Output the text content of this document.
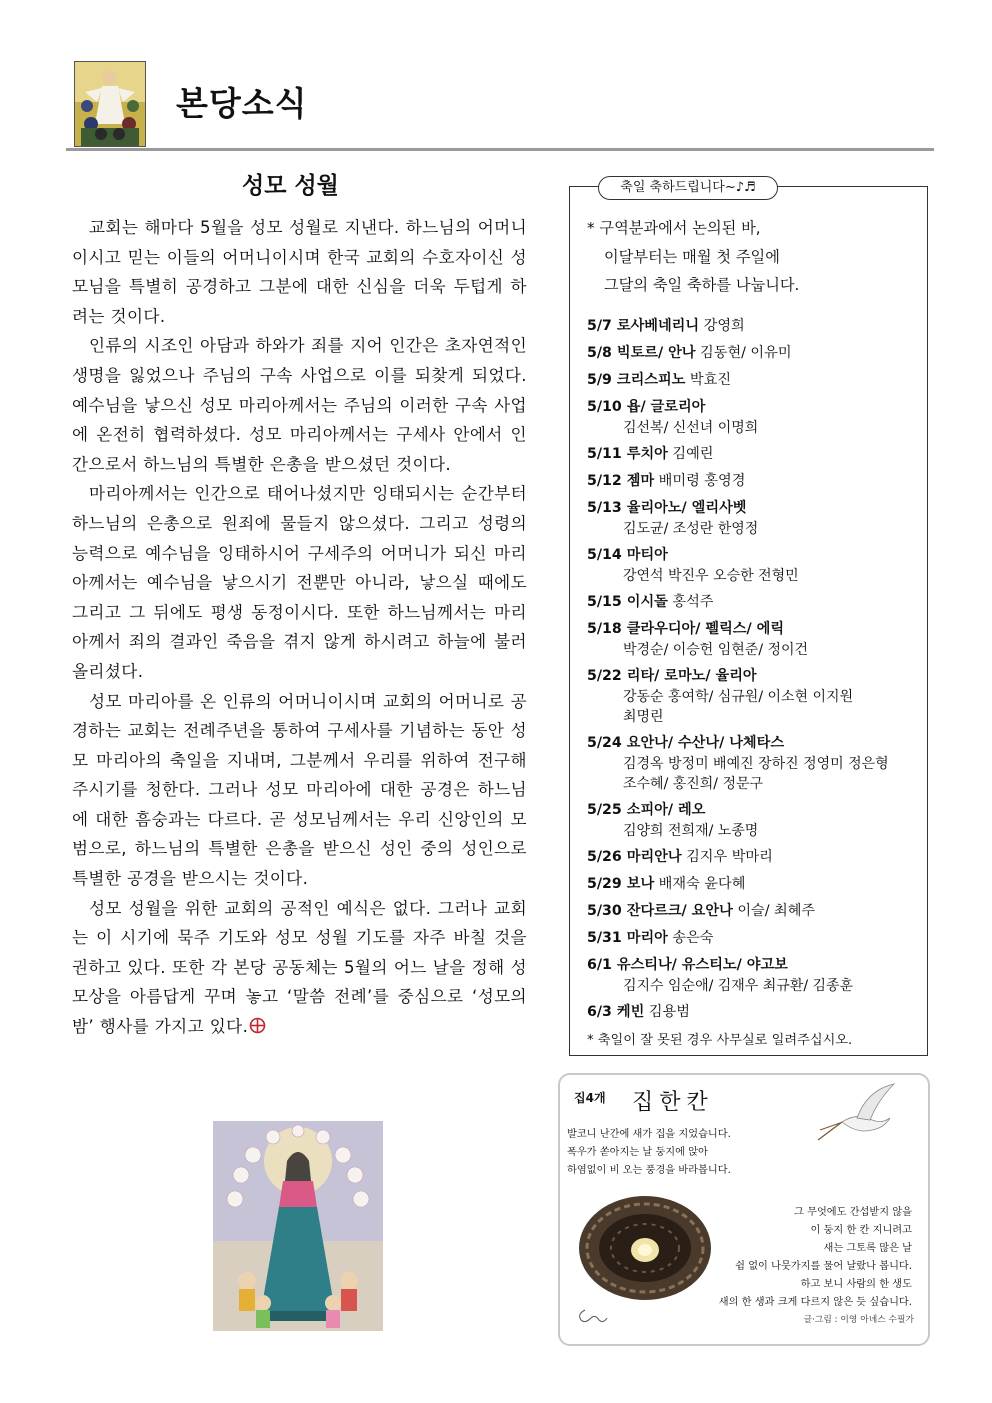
본당소식
성모 성월

교회는 해마다 5월을 성모 성월로 지낸다. 하느님의 어머니이시고 믿는 이들의 어머니이시며 한국 교회의 수호자이신 성모님을 특별히 공경하고 그분에 대한 신심을 더욱 두텁게 하려는 것이다.

인류의 시조인 아담과 하와가 죄를 지어 인간은 초자연적인 생명을 잃었으나 주님의 구속 사업으로 이를 되찾게 되었다. 예수님을 낳으신 성모 마리아께서는 주님의 이러한 구속 사업에 온전히 협력하셨다. 성모 마리아께서는 구세사 안에서 인간으로서 하느님의 특별한 은총을 받으셨던 것이다.

마리아께서는 인간으로 태어나셨지만 잉태되시는 순간부터 하느님의 은총으로 원죄에 물들지 않으셨다. 그리고 성령의 능력으로 예수님을 잉태하시어 구세주의 어머니가 되신 마리아께서는 예수님을 낳으시기 전뿐만 아니라, 낳으실 때에도 그리고 그 뒤에도 평생 동정이시다. 또한 하느님께서는 마리아께서 죄의 결과인 죽음을 겪지 않게 하시려고 하늘에 불러올리셨다.

성모 마리아를 온 인류의 어머니이시며 교회의 어머니로 공경하는 교회는 전례주년을 통하여 구세사를 기념하는 동안 성모 마리아의 축일을 지내며, 그분께서 우리를 위하여 전구해 주시기를 청한다. 그러나 성모 마리아에 대한 공경은 하느님에 대한 흠숭과는 다르다. 곧 성모님께서는 우리 신앙인의 모범으로, 하느님의 특별한 은총을 받으신 성인 중의 성인으로 특별한 공경을 받으시는 것이다.

성모 성월을 위한 교회의 공적인 예식은 없다. 그러나 교회는 이 시기에 묵주 기도와 성모 성월 기도를 자주 바칠 것을 권하고 있다. 또한 각 본당 공동체는 5월의 어느 날을 정해 성모상을 아름답게 꾸며 놓고 ‘말씀 전례’를 중심으로 ‘성모의 밤’ 행사를 가지고 있다.

축일 축하드립니다~♪♬
* 구역분과에서 논의된 바,
이달부터는 매월 첫 주일에
그달의 축일 축하를 나눕니다.
5/7 로사베네리니 강영희
5/8 빅토르/ 안나 김동현/ 이유미
5/9 크리스피노 박효진
5/10 욥/ 글로리아
김선복/ 신선녀 이명희
5/11 루치아 김예린
5/12 젬마 배미령 홍영경
5/13 율리아노/ 엘리사벳
김도균/ 조성란 한영정
5/14 마티아
강연석 박진우 오승한 전형민
5/15 이시돌 홍석주
5/18 클라우디아/ 펠릭스/ 에릭
박경순/ 이승헌 임현준/ 정이건
5/22 리타/ 로마노/ 율리아
강동순 홍여학/ 심규원/ 이소현 이지원
최명린
5/24 요안나/ 수산나/ 나체타스
김경옥 방정미 배예진 장하진 정영미 정은형
조수혜/ 홍진희/ 정문구
5/25 소피아/ 레오
김양희 전희재/ 노종명
5/26 마리안나 김지우 박마리
5/29 보나 배재숙 윤다혜
5/30 잔다르크/ 요안나 이슬/ 최혜주
5/31 마리아 송은숙
6/1 유스티나/ 유스티노/ 야고보
김지수 임순애/ 김재우 최규환/ 김종훈
6/3 케빈 김용범
* 축일이 잘 못된 경우 사무실로 일려주십시오.
집4개 집한칸
발코니 난간에 새가 집을 지었습니다.
폭우가 쏟아지는 날 둥지에 앉아
하염없이 비 오는 풍경을 바라봅니다.
그 무엇에도 간섭받지 않을
이 둥지 한 칸 지니려고
새는 그토록 많은 날
쉼 없이 나뭇가지를 물어 날랐나 봅니다.
하고 보니 사람의 한 생도
새의 한 생과 크게 다르지 않은 듯 싶습니다.
글·그림 : 이영 아녜스 수필가
